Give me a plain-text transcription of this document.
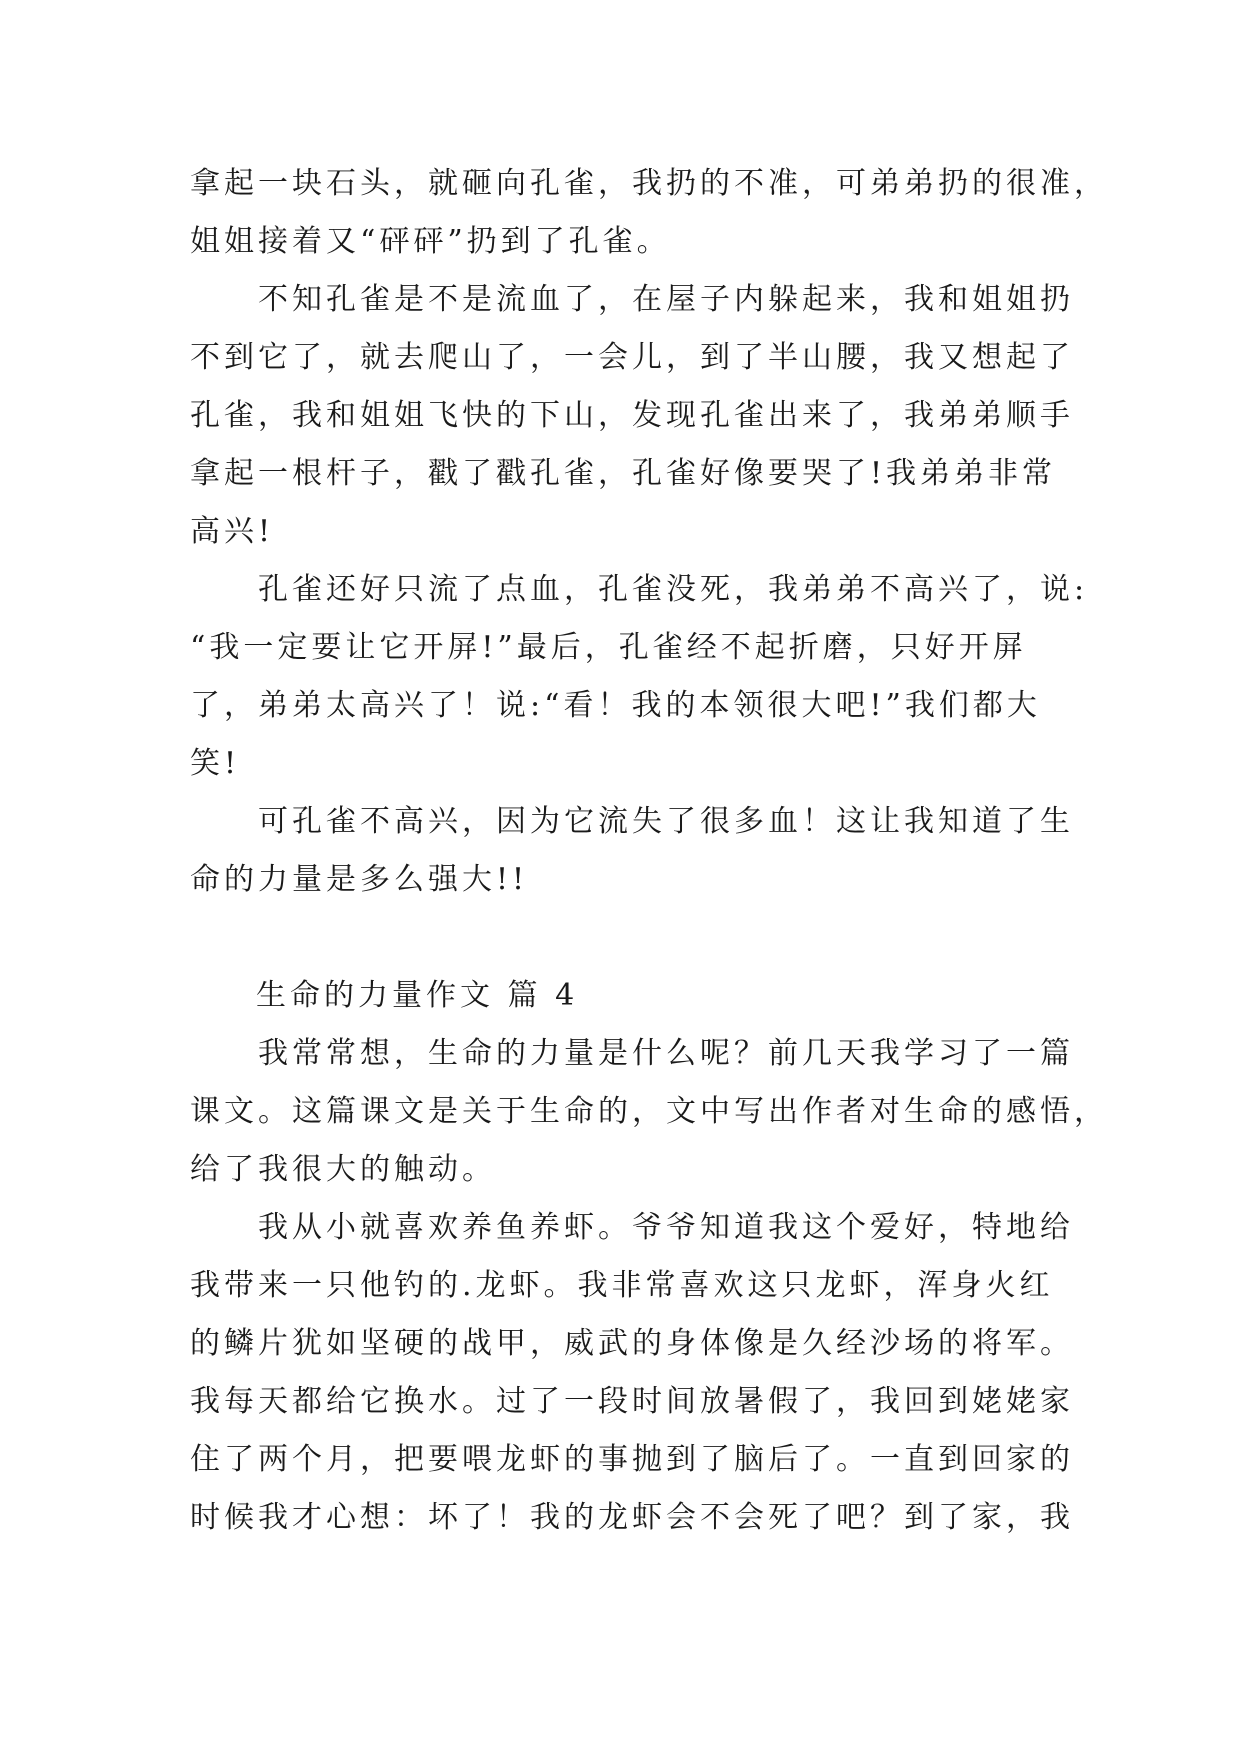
拿起一块石头，就砸向孔雀，我扔的不准，可弟弟扔的很准，
姐姐接着又“砰砰”扔到了孔雀。
　　不知孔雀是不是流血了，在屋子内躲起来，我和姐姐扔
不到它了，就去爬山了，一会儿，到了半山腰，我又想起了
孔雀，我和姐姐飞快的下山，发现孔雀出来了，我弟弟顺手
拿起一根杆子，戳了戳孔雀，孔雀好像要哭了!我弟弟非常
高兴!
　　孔雀还好只流了点血，孔雀没死，我弟弟不高兴了，说:
“我一定要让它开屏!”最后，孔雀经不起折磨，只好开屏
了，弟弟太高兴了！说:“看！我的本领很大吧!”我们都大
笑!
　　可孔雀不高兴，因为它流失了很多血！这让我知道了生
命的力量是多么强大!!
生命的力量作文 篇 4
　　我常常想，生命的力量是什么呢？前几天我学习了一篇
课文。这篇课文是关于生命的，文中写出作者对生命的感悟，
给了我很大的触动。
　　我从小就喜欢养鱼养虾。爷爷知道我这个爱好，特地给
我带来一只他钓的.龙虾。我非常喜欢这只龙虾，浑身火红
的鳞片犹如坚硬的战甲，威武的身体像是久经沙场的将军。
我每天都给它换水。过了一段时间放暑假了，我回到姥姥家
住了两个月，把要喂龙虾的事抛到了脑后了。一直到回家的
时候我才心想：坏了！我的龙虾会不会死了吧？到了家，我
